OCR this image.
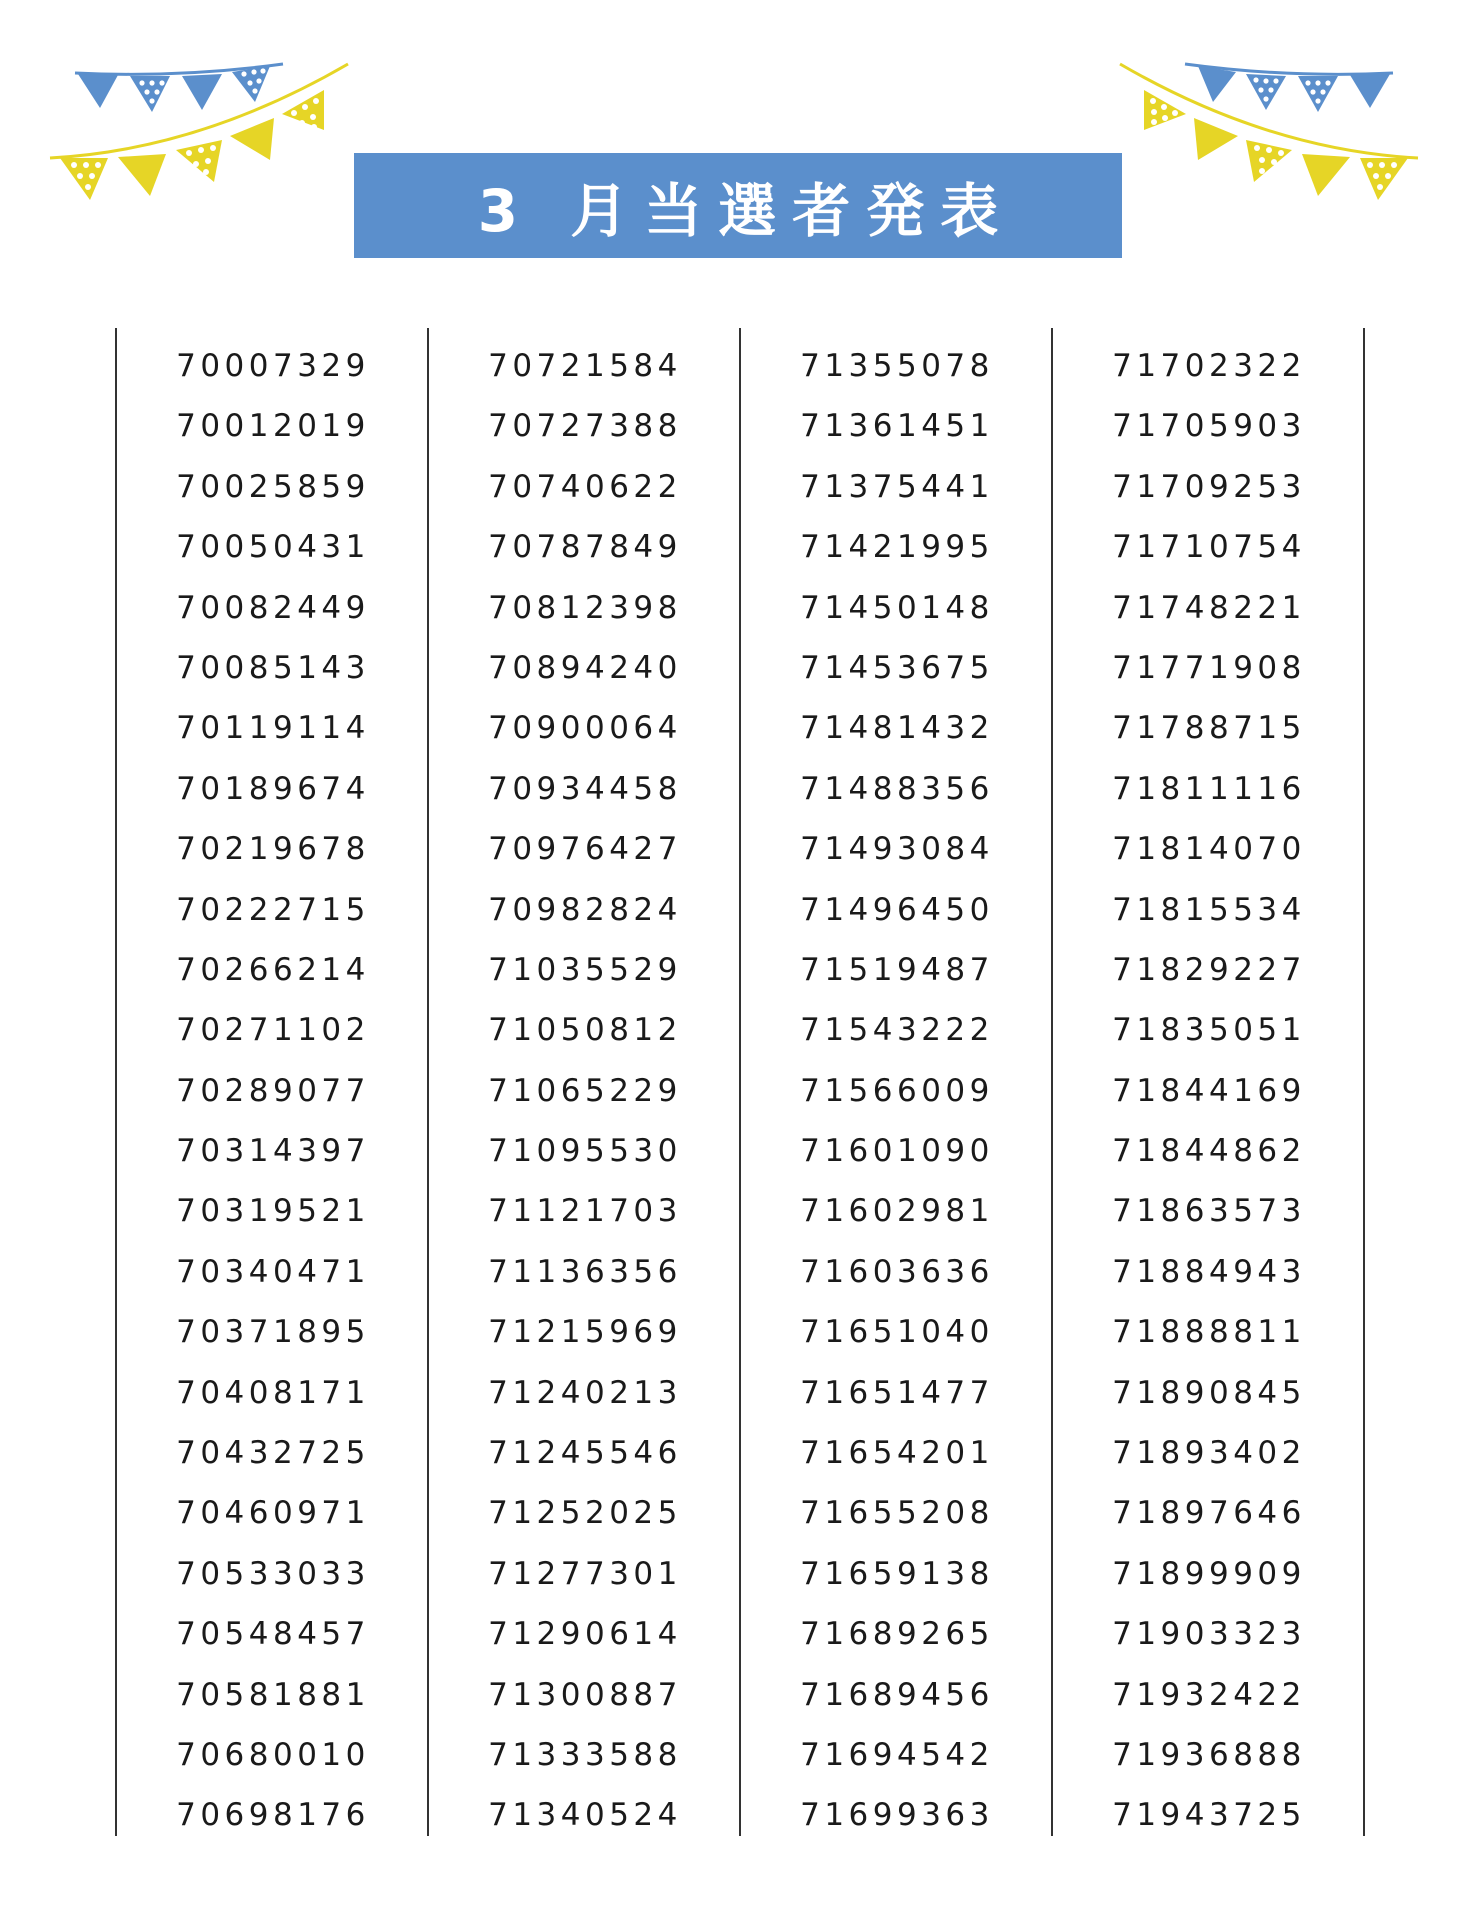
3 月当選者発表
70007329
70012019
70025859
70050431
70082449
70085143
70119114
70189674
70219678
70222715
70266214
70271102
70289077
70314397
70319521
70340471
70371895
70408171
70432725
70460971
70533033
70548457
70581881
70680010
70698176
70721584
70727388
70740622
70787849
70812398
70894240
70900064
70934458
70976427
70982824
71035529
71050812
71065229
71095530
71121703
71136356
71215969
71240213
71245546
71252025
71277301
71290614
71300887
71333588
71340524
71355078
71361451
71375441
71421995
71450148
71453675
71481432
71488356
71493084
71496450
71519487
71543222
71566009
71601090
71602981
71603636
71651040
71651477
71654201
71655208
71659138
71689265
71689456
71694542
71699363
71702322
71705903
71709253
71710754
71748221
71771908
71788715
71811116
71814070
71815534
71829227
71835051
71844169
71844862
71863573
71884943
71888811
71890845
71893402
71897646
71899909
71903323
71932422
71936888
71943725
